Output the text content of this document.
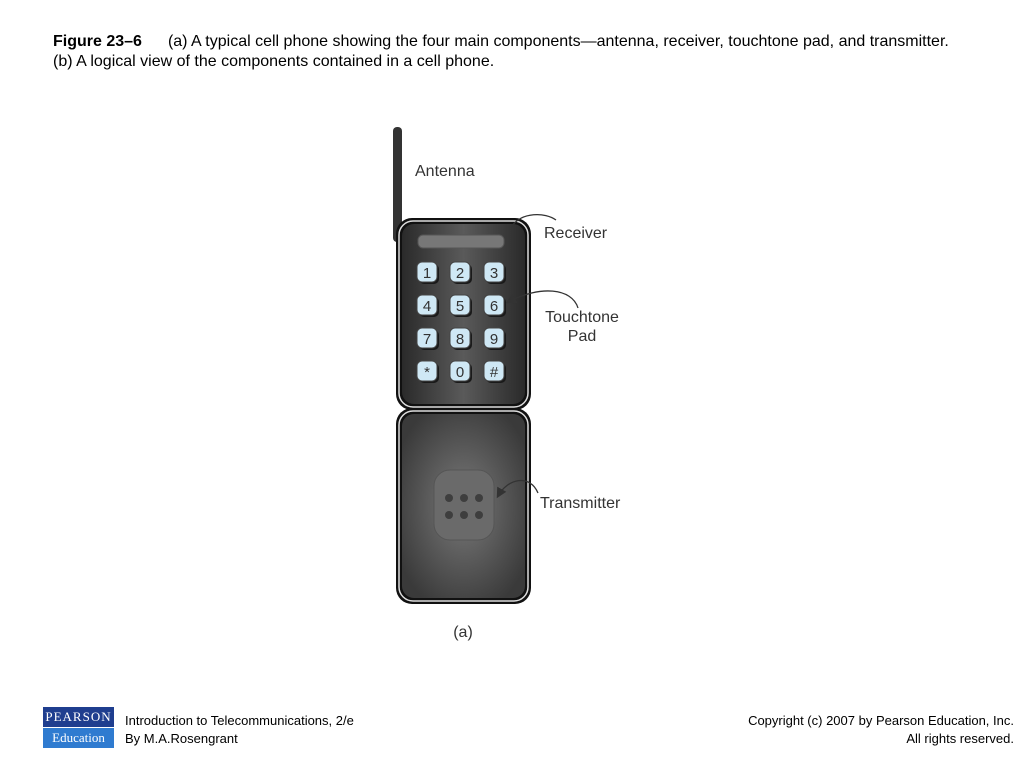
Figure 23–6 (a) A typical cell phone showing the four main components—antenna, receiver, touchtone pad, and transmitter. (b) A logical view of the components contained in a cell phone.
1 2 3
4 5 6
7 8 9
* 0 #
Antenna
Receiver
Touchtone
Pad
Transmitter
(a)
PEARSON
Education
Introduction to Telecommunications, 2/e
By M.A.Rosengrant
Copyright (c) 2007 by Pearson Education, Inc.
All rights reserved.
